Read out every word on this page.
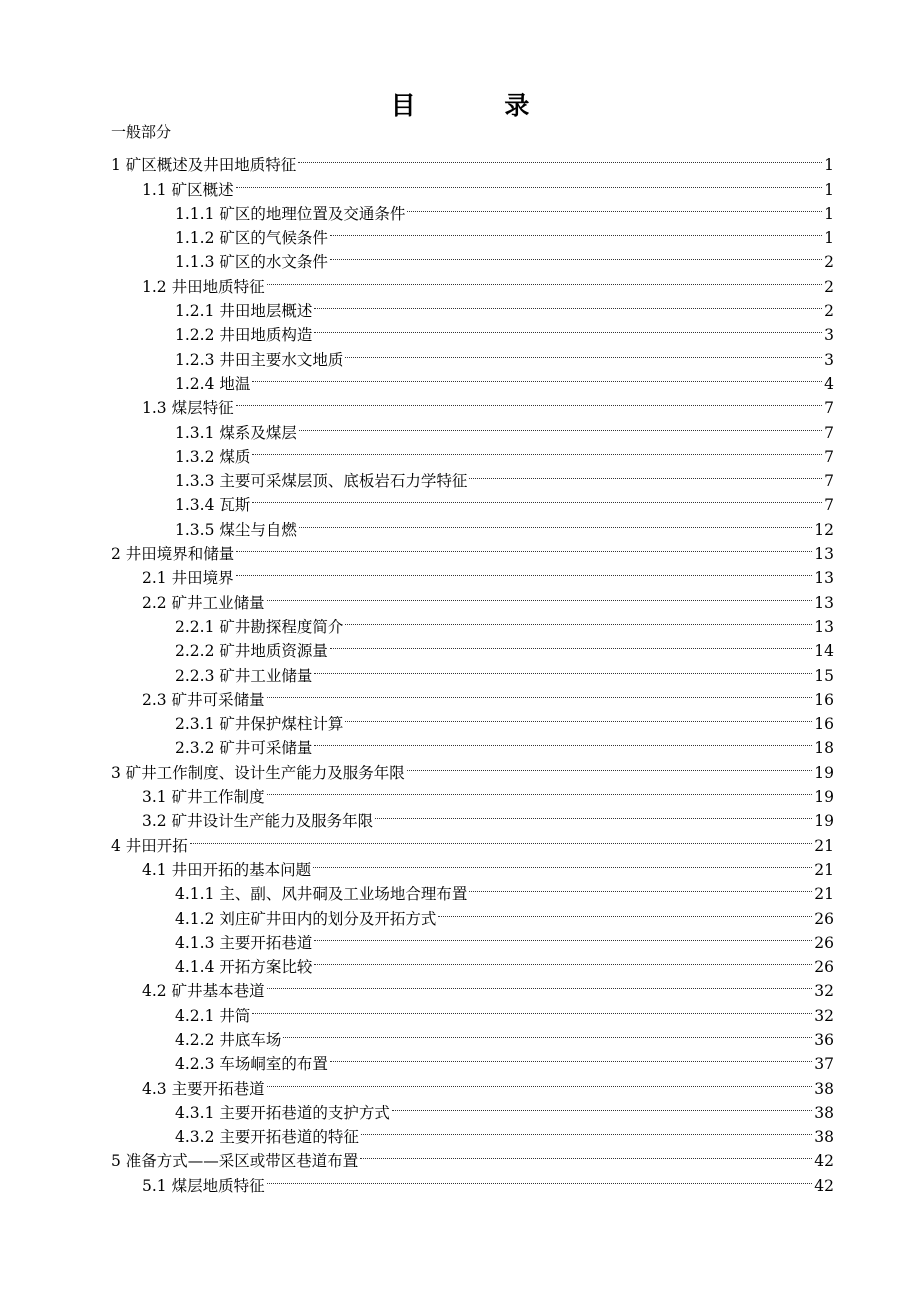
目 录
一般部分
1 矿区概述及井田地质特征	1
1.1 矿区概述	1
1.1.1 矿区的地理位置及交通条件	1
1.1.2 矿区的气候条件	1
1.1.3 矿区的水文条件	2
1.2 井田地质特征	2
1.2.1 井田地层概述	2
1.2.2 井田地质构造	3
1.2.3 井田主要水文地质	3
1.2.4 地温	4
1.3 煤层特征	7
1.3.1 煤系及煤层	7
1.3.2 煤质	7
1.3.3 主要可采煤层顶、底板岩石力学特征	7
1.3.4 瓦斯	7
1.3.5 煤尘与自燃	12
2 井田境界和储量	13
2.1 井田境界	13
2.2 矿井工业储量	13
2.2.1 矿井勘探程度简介	13
2.2.2 矿井地质资源量	14
2.2.3 矿井工业储量	15
2.3 矿井可采储量	16
2.3.1 矿井保护煤柱计算	16
2.3.2 矿井可采储量	18
3 矿井工作制度、设计生产能力及服务年限	19
3.1 矿井工作制度	19
3.2 矿井设计生产能力及服务年限	19
4 井田开拓	21
4.1 井田开拓的基本问题	21
4.1.1 主、副、风井硐及工业场地合理布置	21
4.1.2 刘庄矿井田内的划分及开拓方式	26
4.1.3 主要开拓巷道	26
4.1.4 开拓方案比较	26
4.2 矿井基本巷道	32
4.2.1 井筒	32
4.2.2 井底车场	36
4.2.3 车场峒室的布置	37
4.3 主要开拓巷道	38
4.3.1 主要开拓巷道的支护方式	38
4.3.2 主要开拓巷道的特征	38
5 准备方式——采区或带区巷道布置	42
5.1 煤层地质特征	42
